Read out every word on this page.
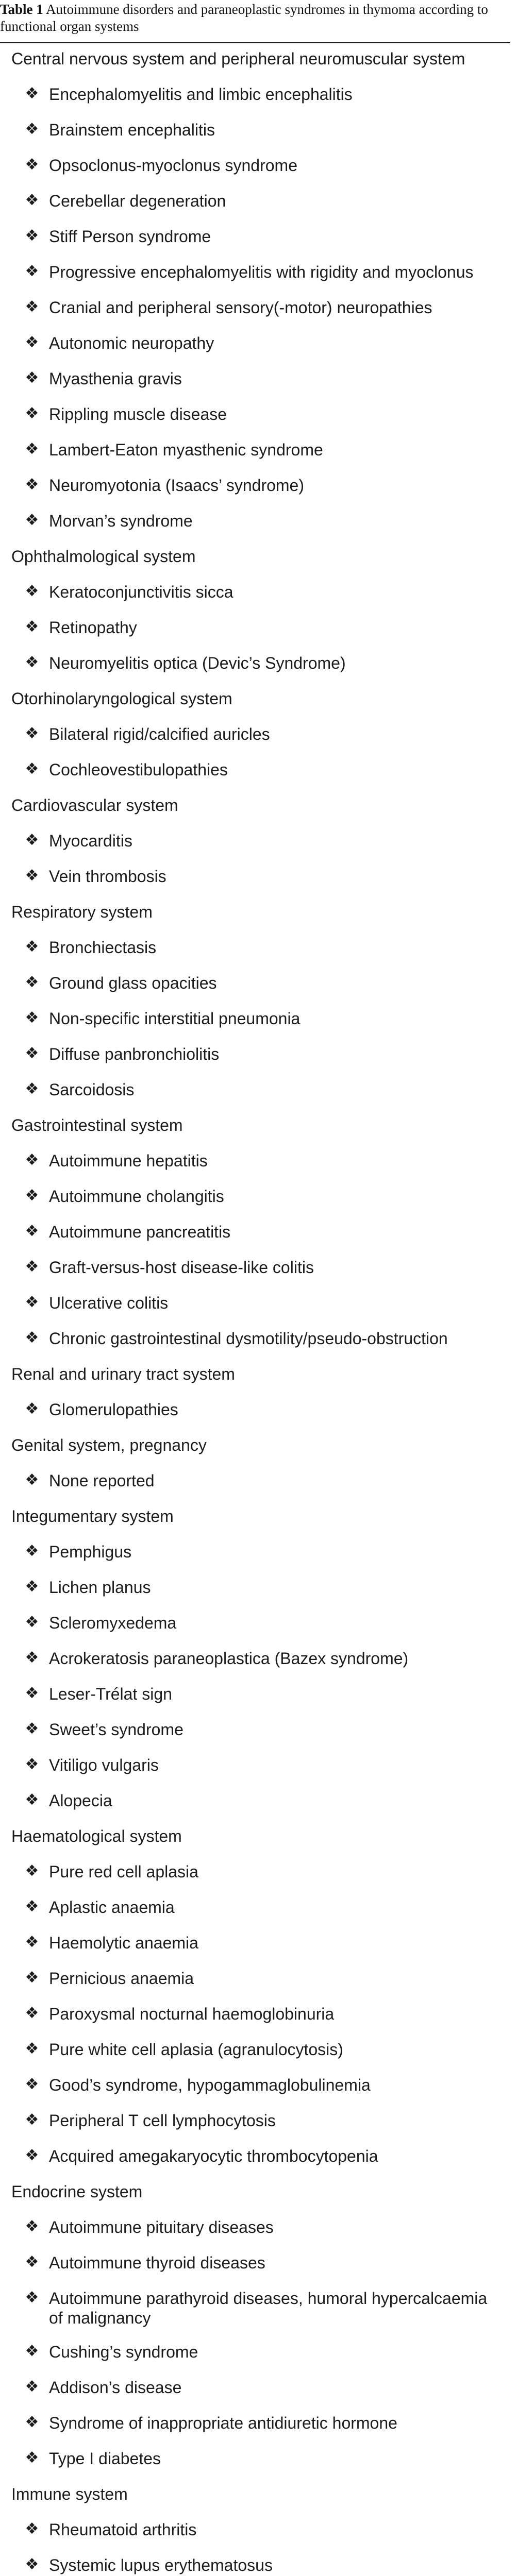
Table 1 Autoimmune disorders and paraneoplastic syndromes in thymoma according to functional organ systems

Central nervous system and peripheral neuromuscular system
❖ Encephalomyelitis and limbic encephalitis
❖ Brainstem encephalitis
❖ Opsoclonus-myoclonus syndrome
❖ Cerebellar degeneration
❖ Stiff Person syndrome
❖ Progressive encephalomyelitis with rigidity and myoclonus
❖ Cranial and peripheral sensory(-motor) neuropathies
❖ Autonomic neuropathy
❖ Myasthenia gravis
❖ Rippling muscle disease
❖ Lambert-Eaton myasthenic syndrome
❖ Neuromyotonia (Isaacs’ syndrome)
❖ Morvan’s syndrome
Ophthalmological system
❖ Keratoconjunctivitis sicca
❖ Retinopathy
❖ Neuromyelitis optica (Devic’s Syndrome)
Otorhinolaryngological system
❖ Bilateral rigid/calcified auricles
❖ Cochleovestibulopathies
Cardiovascular system
❖ Myocarditis
❖ Vein thrombosis
Respiratory system
❖ Bronchiectasis
❖ Ground glass opacities
❖ Non-specific interstitial pneumonia
❖ Diffuse panbronchiolitis
❖ Sarcoidosis
Gastrointestinal system
❖ Autoimmune hepatitis
❖ Autoimmune cholangitis
❖ Autoimmune pancreatitis
❖ Graft-versus-host disease-like colitis
❖ Ulcerative colitis
❖ Chronic gastrointestinal dysmotility/pseudo-obstruction
Renal and urinary tract system
❖ Glomerulopathies
Genital system, pregnancy
❖ None reported
Integumentary system
❖ Pemphigus
❖ Lichen planus
❖ Scleromyxedema
❖ Acrokeratosis paraneoplastica (Bazex syndrome)
❖ Leser-Trélat sign
❖ Sweet’s syndrome
❖ Vitiligo vulgaris
❖ Alopecia
Haematological system
❖ Pure red cell aplasia
❖ Aplastic anaemia
❖ Haemolytic anaemia
❖ Pernicious anaemia
❖ Paroxysmal nocturnal haemoglobinuria
❖ Pure white cell aplasia (agranulocytosis)
❖ Good’s syndrome, hypogammaglobulinemia
❖ Peripheral T cell lymphocytosis
❖ Acquired amegakaryocytic thrombocytopenia
Endocrine system
❖ Autoimmune pituitary diseases
❖ Autoimmune thyroid diseases
❖ Autoimmune parathyroid diseases, humoral hypercalcaemia of malignancy
❖ Cushing’s syndrome
❖ Addison’s disease
❖ Syndrome of inappropriate antidiuretic hormone
❖ Type I diabetes
Immune system
❖ Rheumatoid arthritis
❖ Systemic lupus erythematosus
